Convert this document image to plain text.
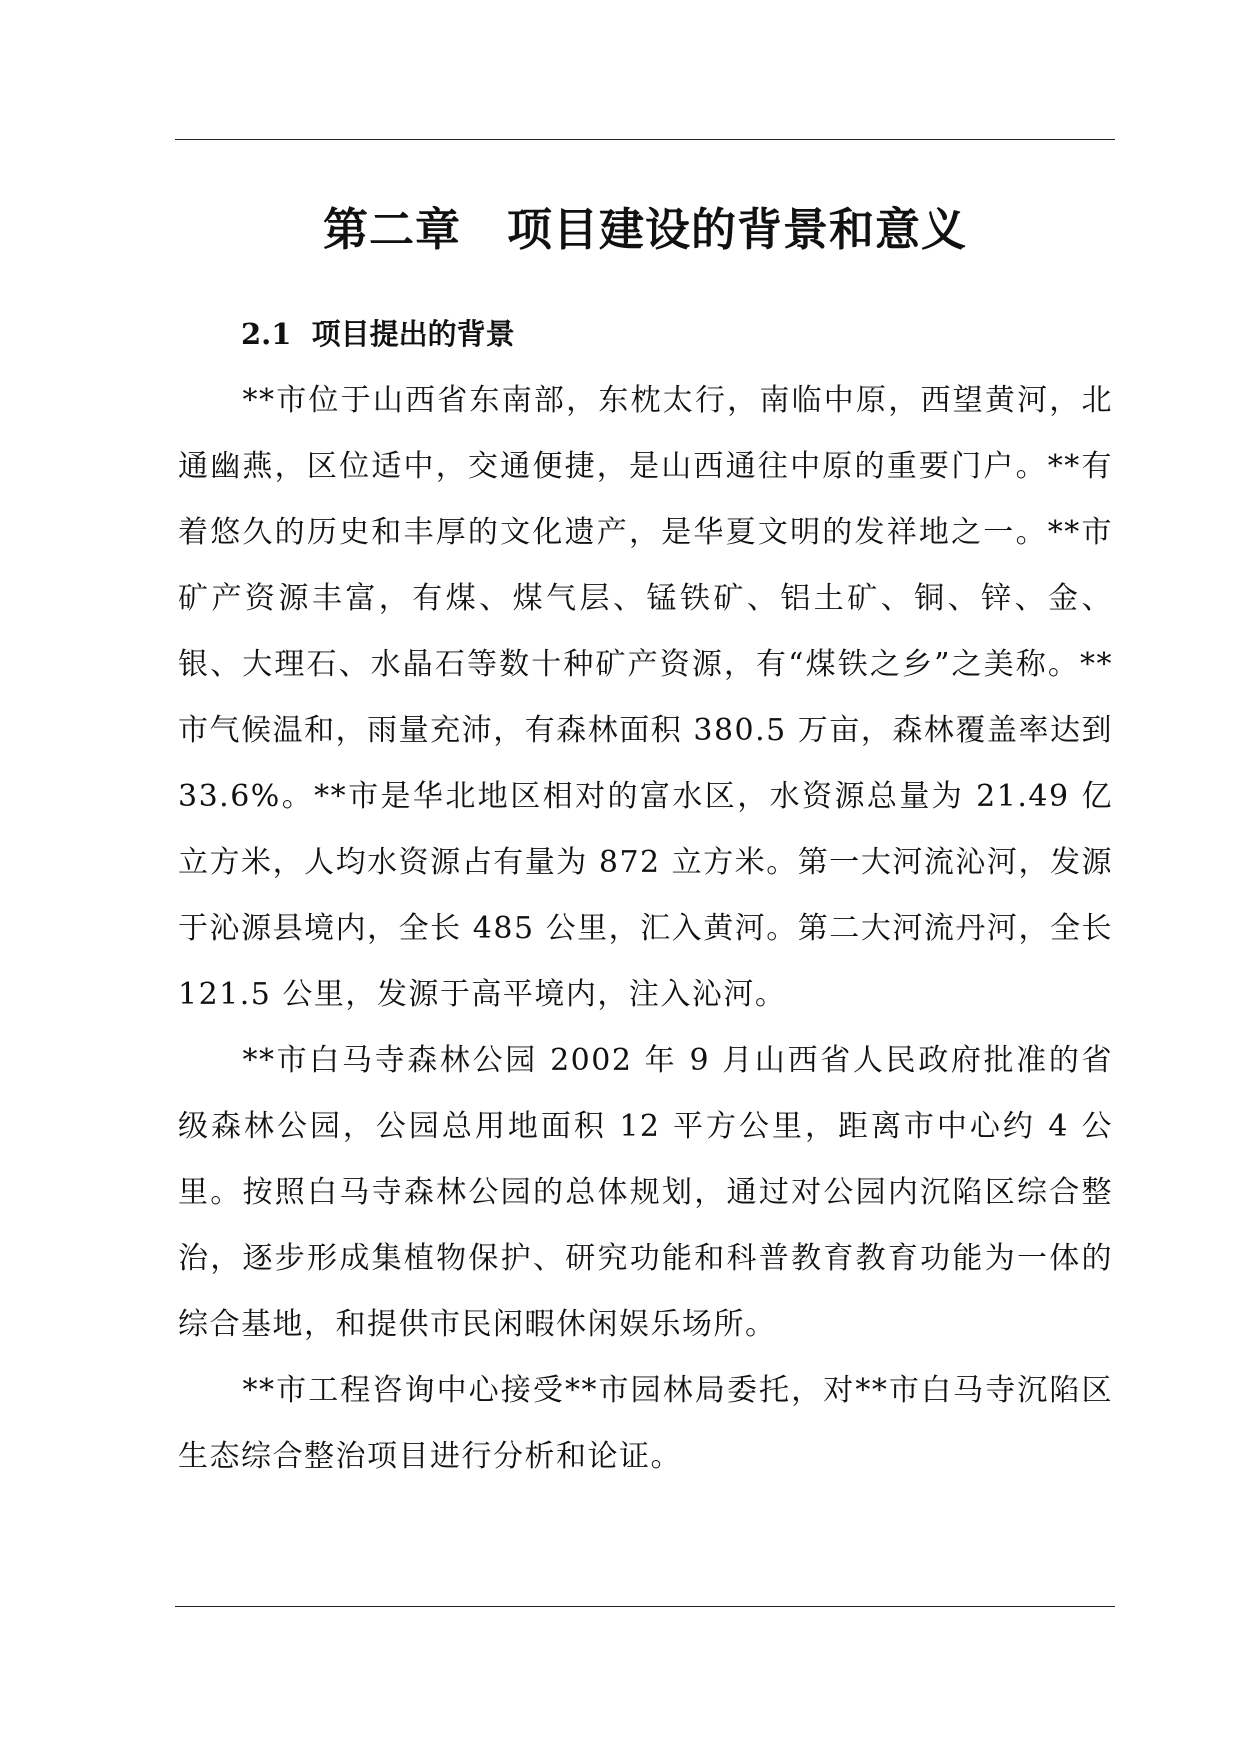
第二章　项目建设的背景和意义
2.1  项目提出的背景

**市位于山西省东南部，东枕太行，南临中原，西望黄河，北通幽燕，区位适中，交通便捷，是山西通往中原的重要门户。**有着悠久的历史和丰厚的文化遗产，是华夏文明的发祥地之一。**市矿产资源丰富，有煤、煤气层、锰铁矿、铝土矿、铜、锌、金、银、大理石、水晶石等数十种矿产资源，有“煤铁之乡”之美称。**市气候温和，雨量充沛，有森林面积 380.5 万亩，森林覆盖率达到 33.6%。**市是华北地区相对的富水区，水资源总量为 21.49 亿立方米，人均水资源占有量为 872 立方米。第一大河流沁河，发源于沁源县境内，全长 485 公里，汇入黄河。第二大河流丹河，全长 121.5 公里，发源于高平境内，注入沁河。

**市白马寺森林公园 2002 年 9 月山西省人民政府批准的省级森林公园，公园总用地面积 12 平方公里，距离市中心约 4 公里。按照白马寺森林公园的总体规划，通过对公园内沉陷区综合整治，逐步形成集植物保护、研究功能和科普教育教育功能为一体的综合基地，和提供市民闲暇休闲娱乐场所。

**市工程咨询中心接受**市园林局委托，对**市白马寺沉陷区生态综合整治项目进行分析和论证。
